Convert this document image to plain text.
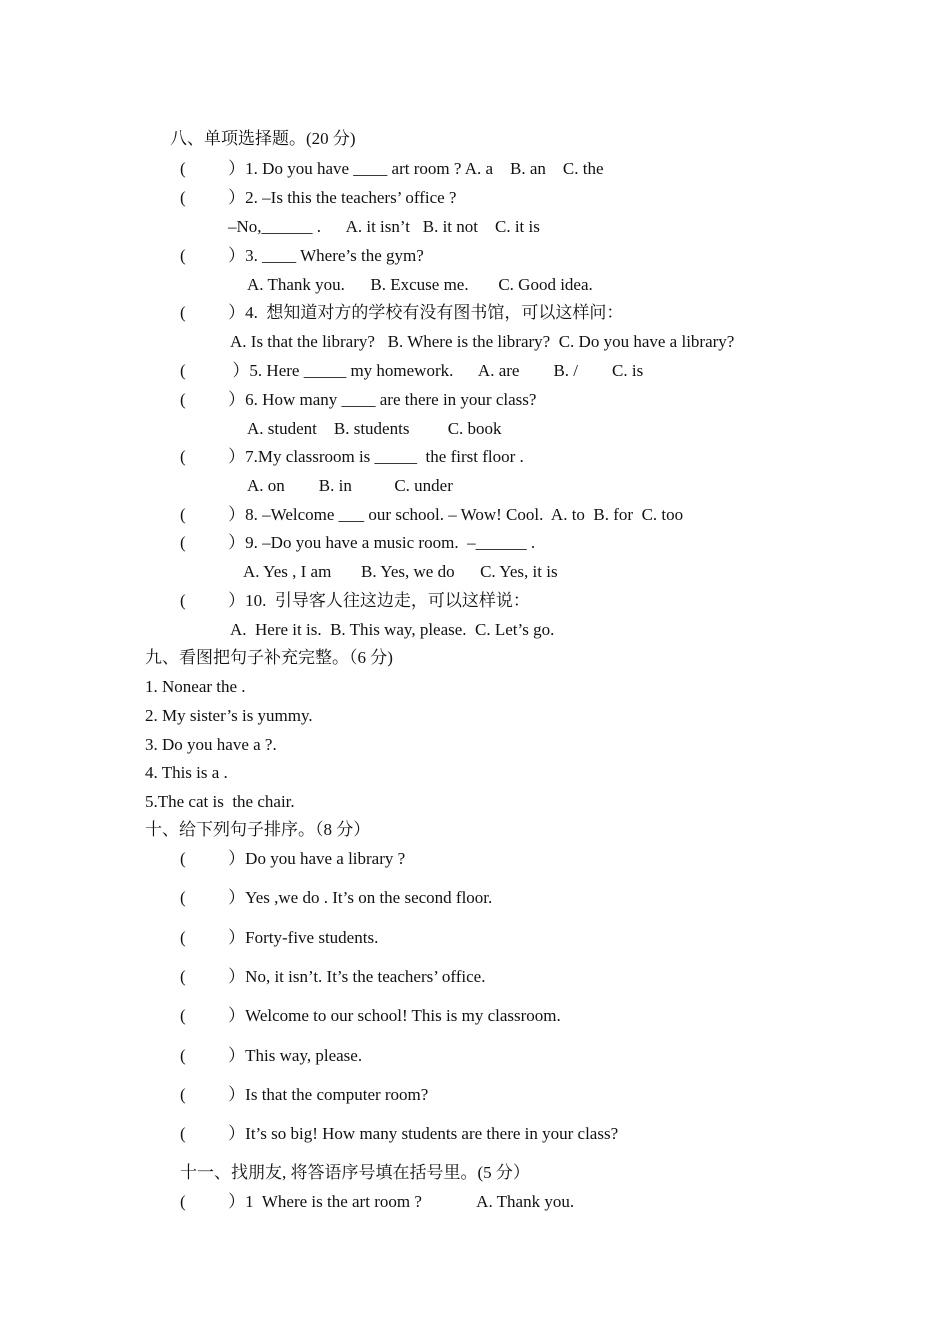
八、单项选择题。(20 分)
(          ）1. Do you have ____ art room ? A. a    B. an    C. the
(          ）2. –Is this the teachers’ office ?
–No,______ .      A. it isn’t   B. it not    C. it is
(          ）3. ____ Where’s the gym?
A. Thank you.      B. Excuse me.       C. Good idea.
(          ）4.  想知道对方的学校有没有图书馆，可以这样问：
A. Is that the library?   B. Where is the library?  C. Do you have a library?
(           ）5. Here _____ my homework.      A. are        B. /        C. is
(          ）6. How many ____ are there in your class?
A. student    B. students         C. book
(          ）7.My classroom is _____  the first floor .
A. on        B. in          C. under
(          ）8. –Welcome ___ our school. – Wow! Cool.  A. to  B. for  C. too
(          ）9. –Do you have a music room.  –______ .
A. Yes , I am       B. Yes, we do      C. Yes, it is
(          ）10.  引导客人往这边走，可以这样说：
A.  Here it is.  B. This way, please.  C. Let’s go.
九、看图把句子补充完整。（6 分)
1. Nonear the .
2. My sister’s is yummy.
3. Do you have a ?.
4. This is a .
5.The cat is  the chair.
十、给下列句子排序。（8 分）
(          ）Do you have a library ?
(          ）Yes ,we do . It’s on the second floor.
(          ）Forty-five students.
(          ）No, it isn’t. It’s the teachers’ office.
(          ）Welcome to our school! This is my classroom.
(          ）This way, please.
(          ）Is that the computer room?
(          ）It’s so big! How many students are there in your class?
十一、找朋友, 将答语序号填在括号里。(5 分）
(          ）1  Where is the art room ?             A. Thank you.
